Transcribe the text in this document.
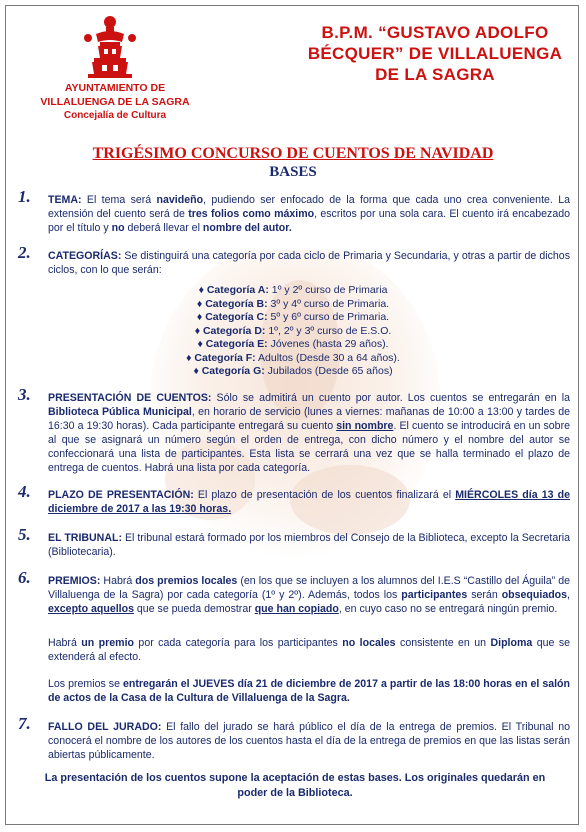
AYUNTAMIENTO DE
VILLALUENGA DE LA SAGRA
Concejalía de Cultura
B.P.M. “GUSTAVO ADOLFO
BÉCQUER” DE VILLALUENGA
DE LA SAGRA
TRIGÉSIMO CONCURSO DE CUENTOS DE NAVIDAD
BASES
1. TEMA: El tema será navideño, pudiendo ser enfocado de la forma que cada uno crea conveniente. La extensión del cuento será de tres folios como máximo, escritos por una sola cara. El cuento irá encabezado por el título y no deberá llevar el nombre del autor.
2. CATEGORÍAS: Se distinguirá una categoría por cada ciclo de Primaria y Secundaria, y otras a partir de dichos ciclos, con lo que serán:
♦ Categoría A: 1º y 2º curso de Primaria
♦ Categoría B: 3º y 4º curso de Primaria.
♦ Categoría C: 5º y 6º curso de Primaria.
♦ Categoría D: 1º, 2º y 3º curso de E.S.O.
♦ Categoría E: Jóvenes (hasta 29 años).
♦ Categoría F: Adultos (Desde 30 a 64 años).
♦ Categoría G: Jubilados (Desde 65 años)
3. PRESENTACIÓN DE CUENTOS: Sólo se admitirá un cuento por autor. Los cuentos se entregarán en la Biblioteca Pública Municipal, en horario de servicio (lunes a viernes: mañanas de 10:00 a 13:00 y tardes de 16:30 a 19:30 horas). Cada participante entregará su cuento sin nombre. El cuento se introducirá en un sobre al que se asignará un número según el orden de entrega, con dicho número y el nombre del autor se confeccionará una lista de participantes. Esta lista se cerrará una vez que se halla terminado el plazo de entrega de cuentos. Habrá una lista por cada categoría.
4. PLAZO DE PRESENTACIÓN: El plazo de presentación de los cuentos finalizará el MIÉRCOLES día 13 de diciembre de 2017 a las 19:30 horas.
5. EL TRIBUNAL: El tribunal estará formado por los miembros del Consejo de la Biblioteca, excepto la Secretaria (Bibliotecaria).
6. PREMIOS: Habrá dos premios locales (en los que se incluyen a los alumnos del I.E.S “Castillo del Águila” de Villaluenga de la Sagra) por cada categoría (1º y 2º). Además, todos los participantes serán obsequiados, excepto aquellos que se pueda demostrar que han copiado, en cuyo caso no se entregará ningún premio.
Habrá un premio por cada categoría para los participantes no locales consistente en un Diploma que se extenderá al efecto.
Los premios se entregarán el JUEVES día 21 de diciembre de 2017 a partir de las 18:00 horas en el salón de actos de la Casa de la Cultura de Villaluenga de la Sagra.
7. FALLO DEL JURADO: El fallo del jurado se hará público el día de la entrega de premios. El Tribunal no conocerá el nombre de los autores de los cuentos hasta el día de la entrega de premios en que las listas serán abiertas públicamente.
La presentación de los cuentos supone la aceptación de estas bases. Los originales quedarán en poder de la Biblioteca.
